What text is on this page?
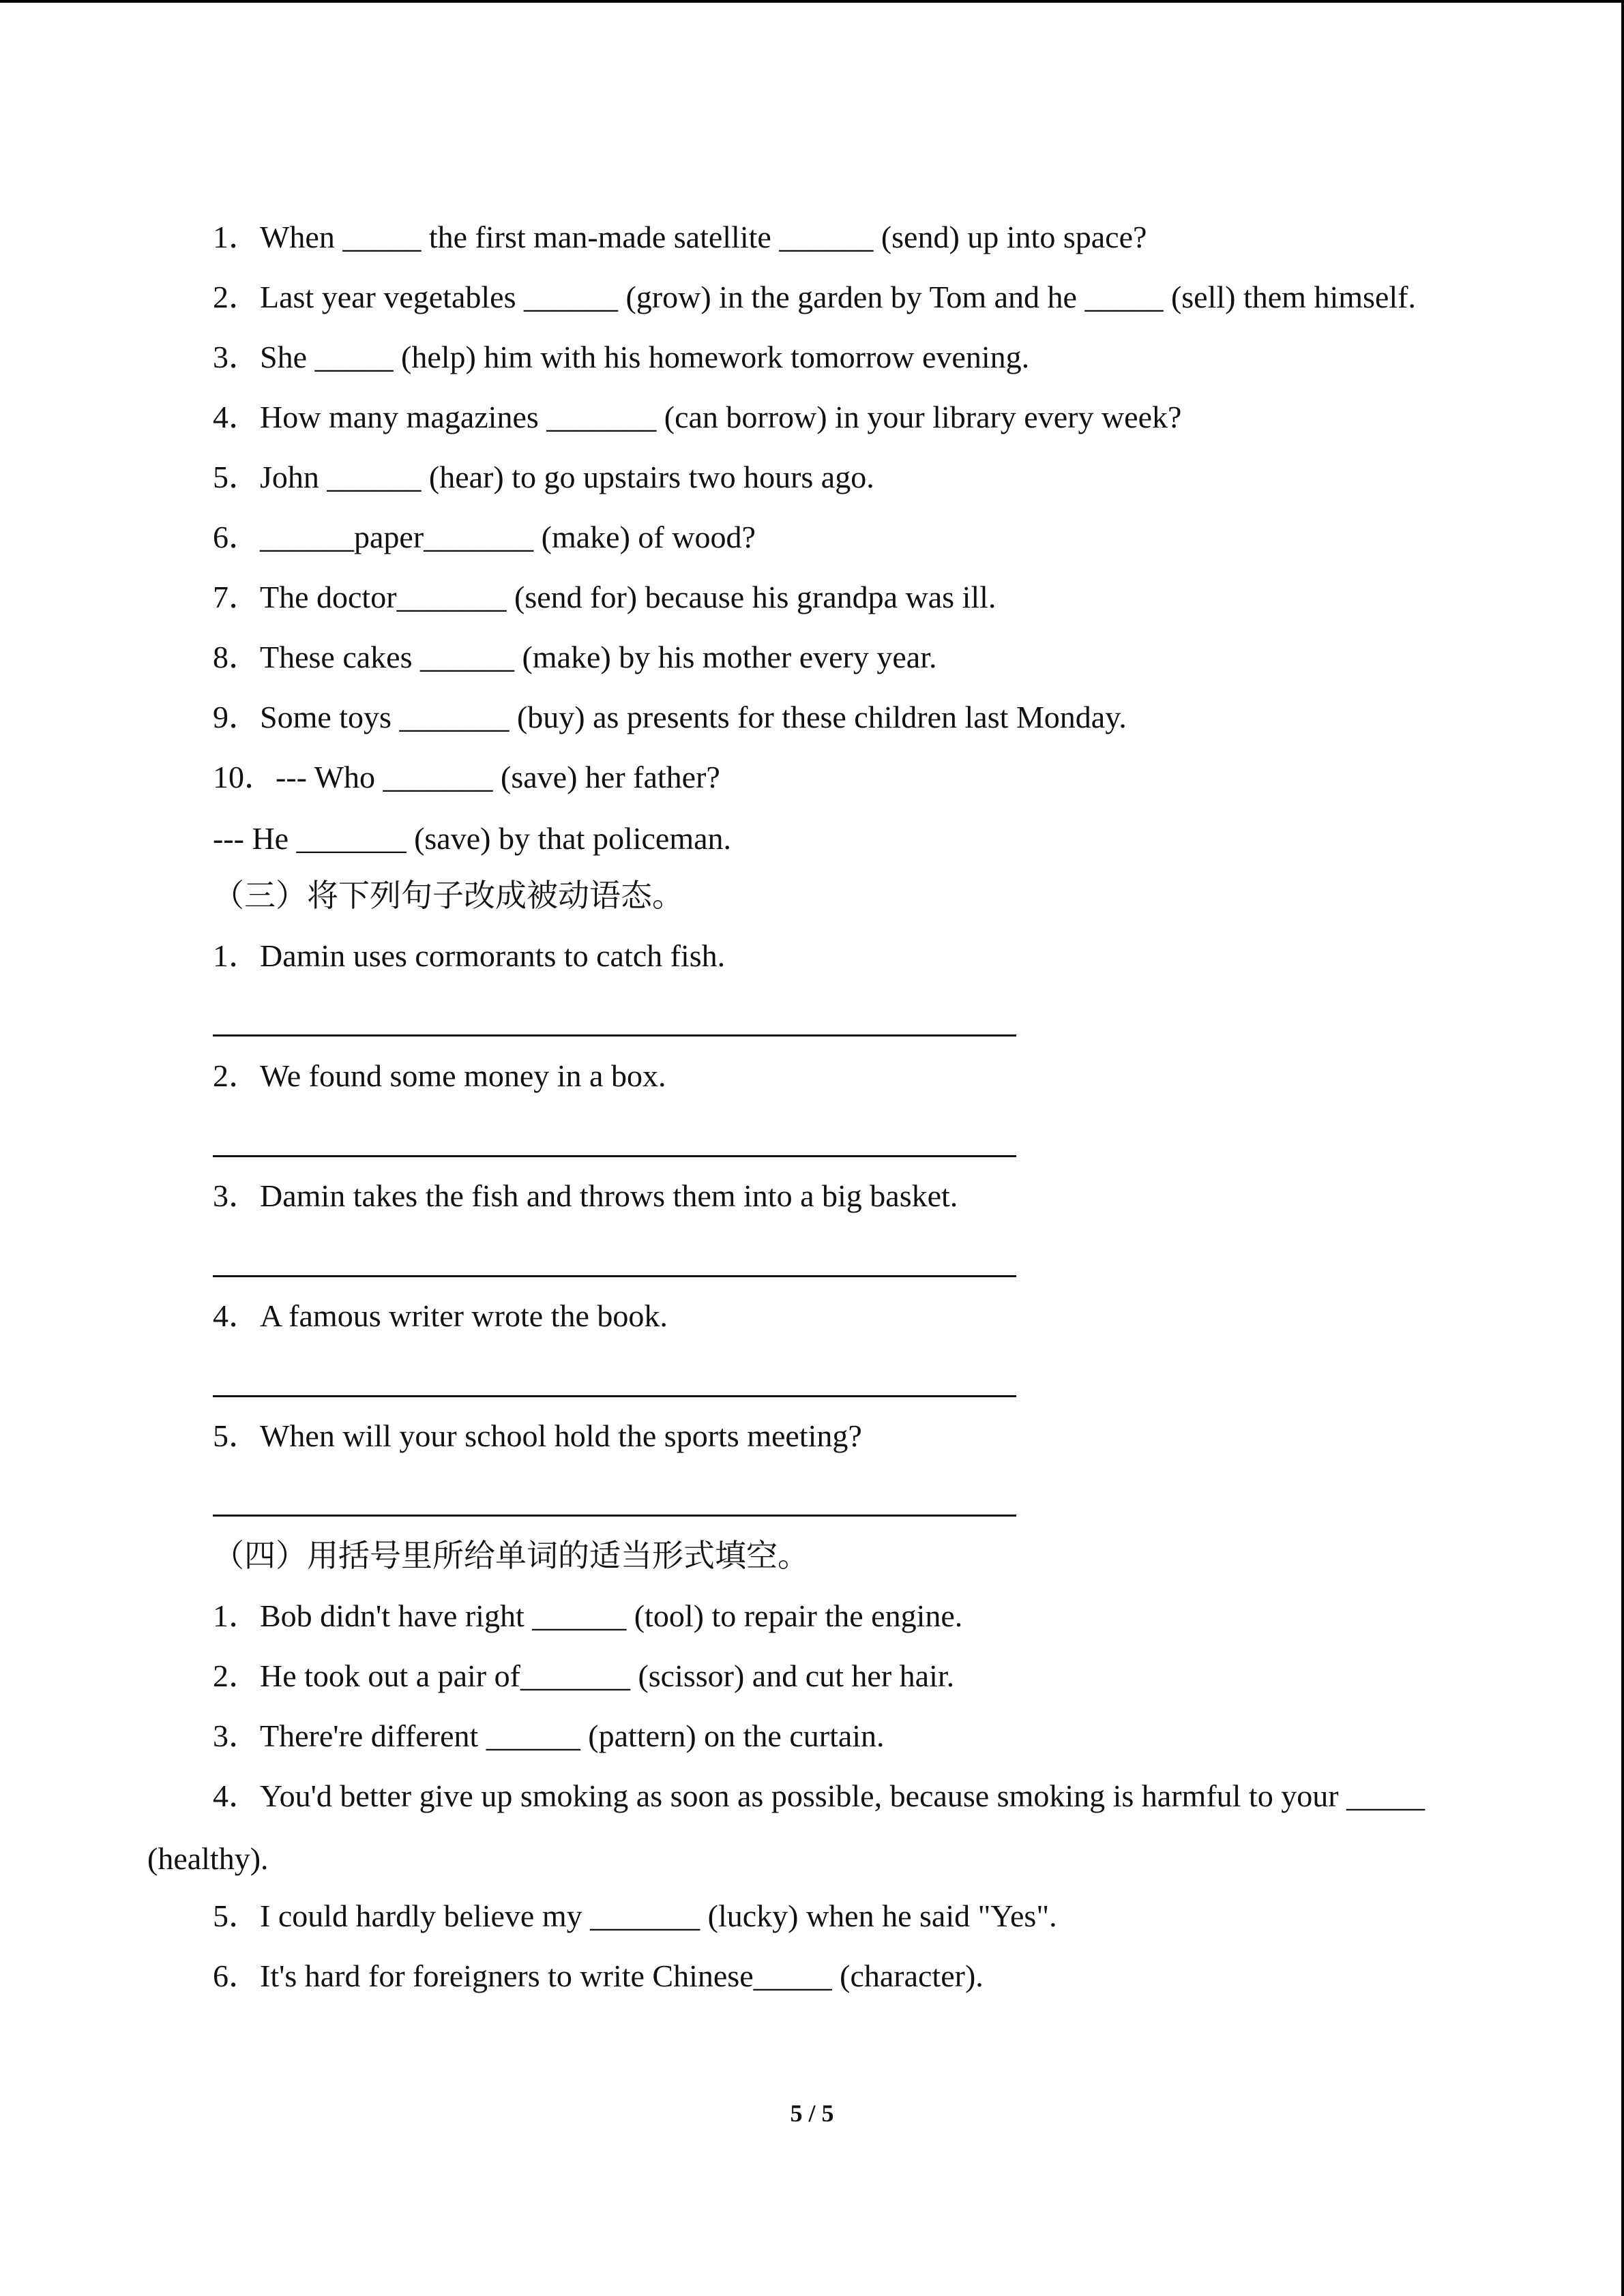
1．When _____ the first man-made satellite ______ (send) up into space?
2．Last year vegetables ______ (grow) in the garden by Tom and he _____ (sell) them himself.
3．She _____ (help) him with his homework tomorrow evening.
4．How many magazines _______ (can borrow) in your library every week?
5．John ______ (hear) to go upstairs two hours ago.
6．______paper_______ (make) of wood?
7．The doctor_______ (send for) because his grandpa was ill.
8．These cakes ______ (make) by his mother every year.
9．Some toys _______ (buy) as presents for these children last Monday.
10．--- Who _______ (save) her father?
--- He _______ (save) by that policeman.
（三）将下列句子改成被动语态。
1．Damin uses cormorants to catch fish.
2．We found some money in a box.
3．Damin takes the fish and throws them into a big basket.
4．A famous writer wrote the book.
5．When will your school hold the sports meeting?
（四）用括号里所给单词的适当形式填空。
1．Bob didn't have right ______ (tool) to repair the engine.
2．He took out a pair of_______ (scissor) and cut her hair.
3．There're different ______ (pattern) on the curtain.
4．You'd better give up smoking as soon as possible, because smoking is harmful to your _____
(healthy).
5．I could hardly believe my _______ (lucky) when he said "Yes".
6．It's hard for foreigners to write Chinese_____ (character).
5 / 5
